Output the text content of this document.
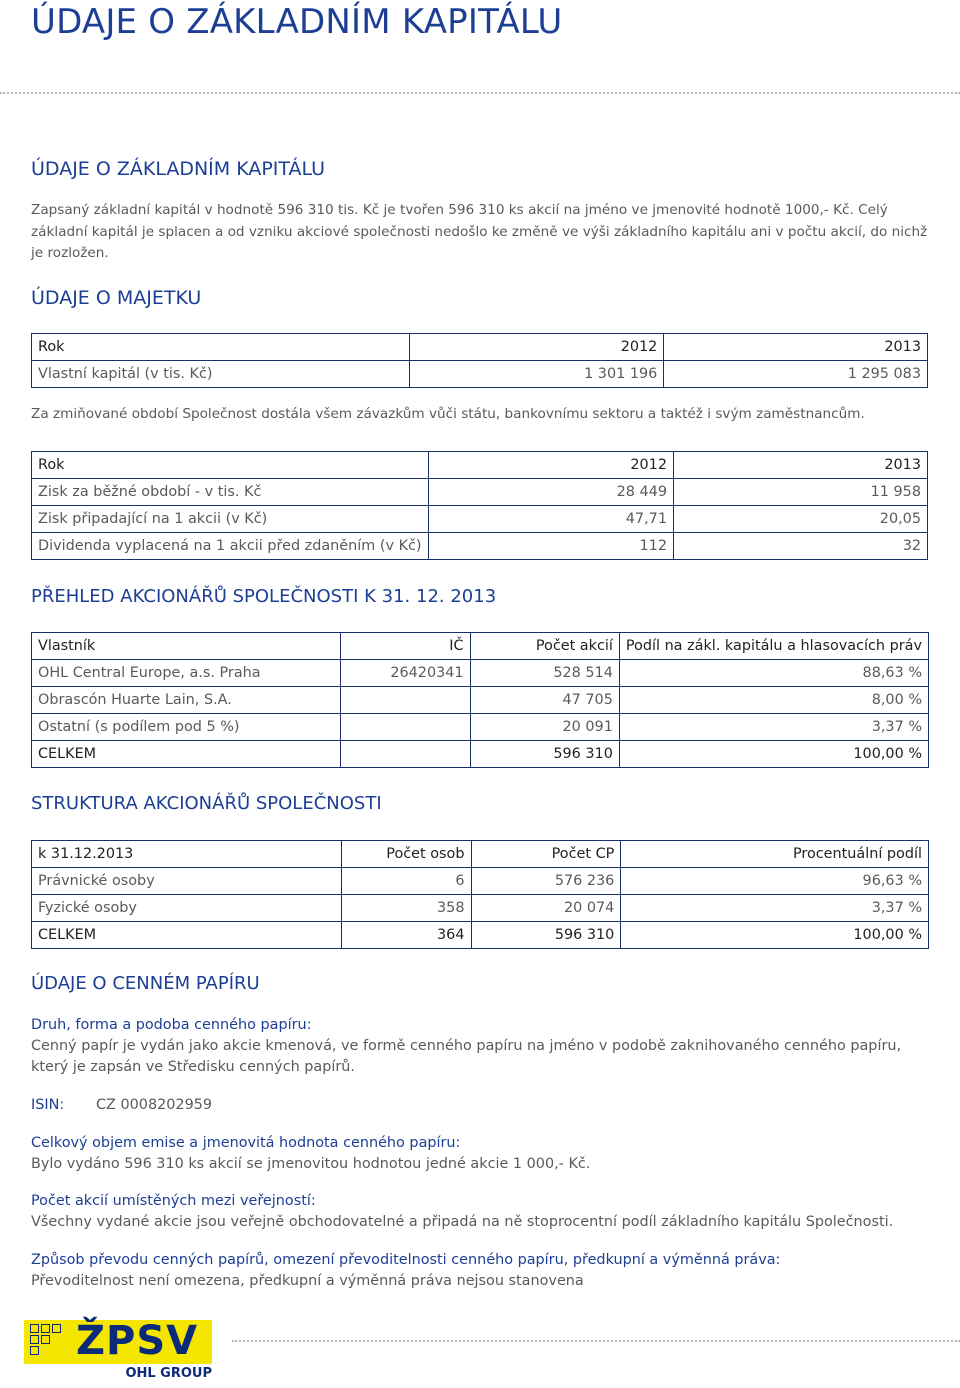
ÚDAJE O ZÁKLADNÍM KAPITÁLU
ÚDAJE O ZÁKLADNÍM KAPITÁLU

Zapsaný základní kapitál v hodnotě 596 310 tis. Kč je tvořen 596 310 ks akcií na jméno ve jmenovité hodnotě 1000,- Kč. Celý základní kapitál je splacen a od vzniku akciové společnosti nedošlo ke změně ve výši základního kapitálu ani v počtu akcií, do nichž je rozložen.

ÚDAJE O MAJETKU
Rok	2012	2013
Vlastní kapitál (v tis. Kč)	1 301 196	1 295 083

Za zmiňované období Společnost dostála všem závazkům vůči státu, bankovnímu sektoru a taktéž i svým zaměstnancům.

Rok	2012	2013
Zisk za běžné období - v tis. Kč	28 449	11 958
Zisk připadající na 1 akcii (v Kč)	47,71	20,05
Dividenda vyplacená na 1 akcii před zdaněním (v Kč)	112	32
PŘEHLED AKCIONÁŘŮ SPOLEČNOSTI K 31. 12. 2013
Vlastník	IČ	Počet akcií	Podíl na zákl. kapitálu a hlasovacích práv
OHL Central Europe, a.s. Praha	26420341	528 514	88,63 %
Obrascón Huarte Lain, S.A.		47 705	8,00 %
Ostatní (s podílem pod 5 %)		20 091	3,37 %
CELKEM		596 310	100,00 %
STRUKTURA AKCIONÁŘŮ SPOLEČNOSTI
k 31.12.2013	Počet osob	Počet CP	Procentuální podíl
Právnické osoby	6	576 236	96,63 %
Fyzické osoby	358	20 074	3,37 %
CELKEM	364	596 310	100,00 %
ÚDAJE O CENNÉM PAPÍRU

Druh, forma a podoba cenného papíru:

Cenný papír je vydán jako akcie kmenová, ve formě cenného papíru na jméno v podobě zaknihovaného cenného papíru, který je zapsán ve Středisku cenných papírů.

ISIN: CZ 0008202959

Celkový objem emise a jmenovitá hodnota cenného papíru:

Bylo vydáno 596 310 ks akcií se jmenovitou hodnotou jedné akcie 1 000,- Kč.

Počet akcií umístěných mezi veřejností:

Všechny vydané akcie jsou veřejně obchodovatelné a připadá na ně stoprocentní podíl základního kapitálu Společnosti.

Způsob převodu cenných papírů, omezení převoditelnosti cenného papíru, předkupní a výměnná práva:

Převoditelnost není omezena, předkupní a výměnná práva nejsou stanovena

ŽPSV
OHL GROUP
